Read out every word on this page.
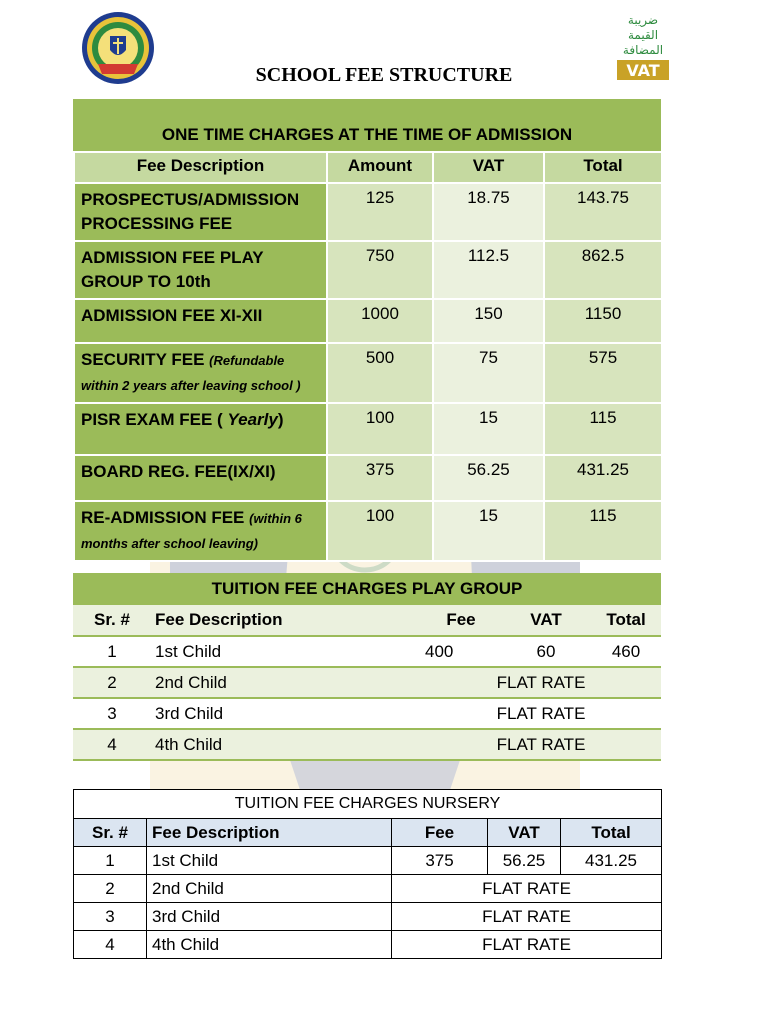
ضريبة
القيمة
المضافة
VAT
SCHOOL FEE STRUCTURE
ONE TIME CHARGES AT THE TIME OF ADMISSION
Fee Description	Amount	VAT	Total
PROSPECTUS/ADMISSION PROCESSING FEE	125	18.75	143.75
ADMISSION FEE PLAY GROUP TO 10th	750	112.5	862.5
ADMISSION FEE XI-XII	1000	150	1150
SECURITY FEE (Refundable within 2 years after leaving school )	500	75	575
PISR EXAM FEE ( Yearly)	100	15	115
BOARD REG. FEE(IX/XI)	375	56.25	431.25
RE-ADMISSION FEE (within 6 months after school leaving)	100	15	115
TUITION FEE CHARGES PLAY GROUP				
Sr. #	Fee Description	Fee	VAT	Total
1	1st Child	400	60	460
2	2nd Child	FLAT RATE		
3	3rd Child	FLAT RATE		
4	4th Child	FLAT RATE		
TUITION FEE CHARGES NURSERY				
Sr. #	Fee Description	Fee	VAT	Total
1	1st Child	375	56.25	431.25
2	2nd Child	FLAT RATE		
3	3rd Child	FLAT RATE		
4	4th Child	FLAT RATE		
